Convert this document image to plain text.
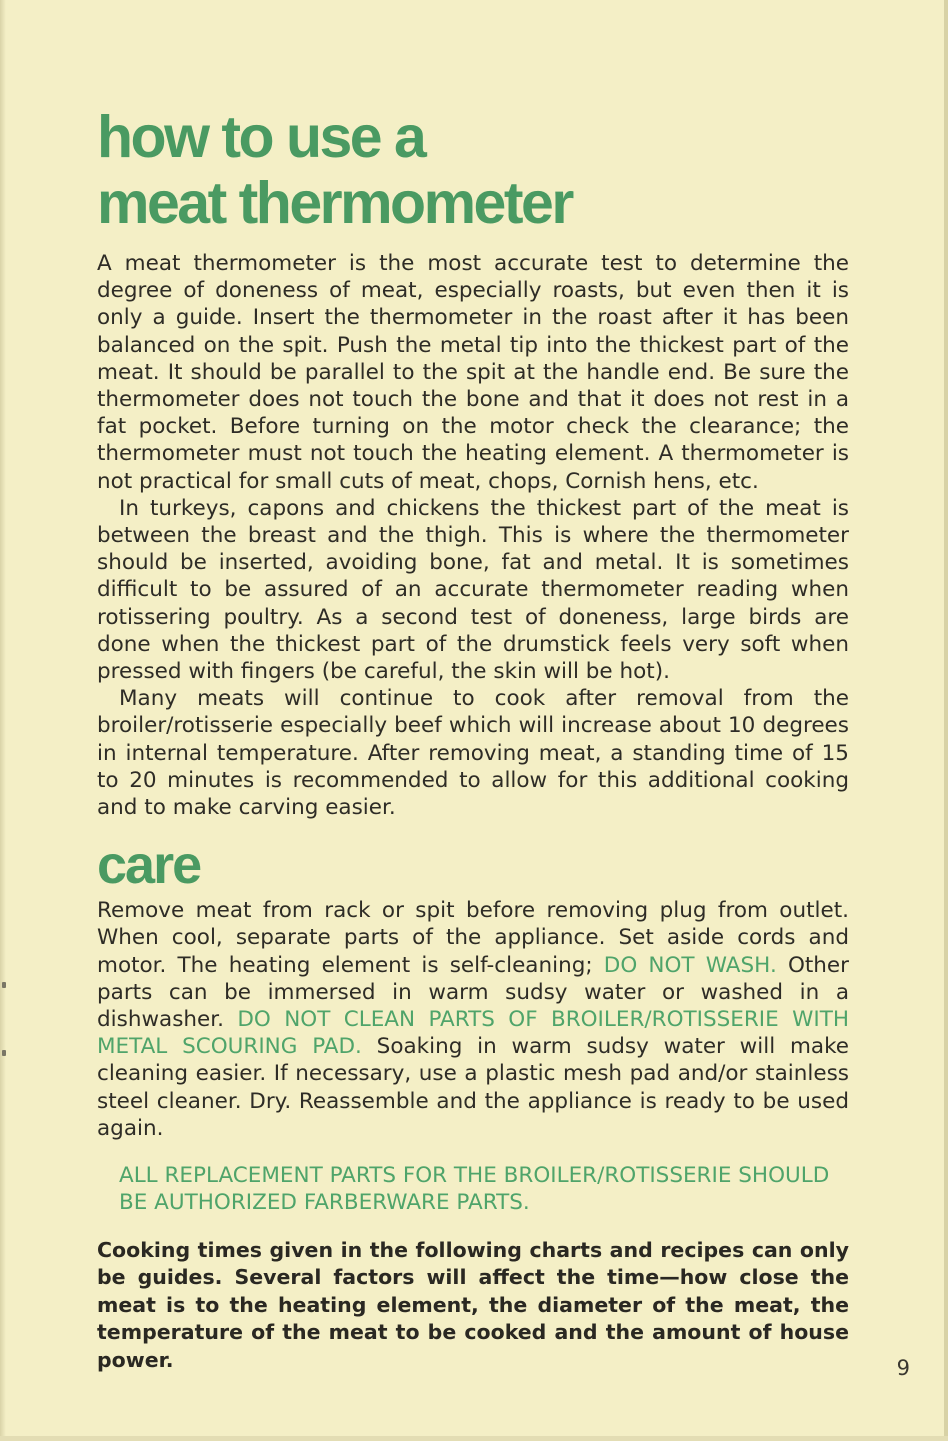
how to use a
meat thermometer

A meat thermometer is the most accurate test to determine the degree of doneness of meat, especially roasts, but even then it is only a guide. Insert the thermometer in the roast after it has been balanced on the spit. Push the metal tip into the thickest part of the meat. It should be parallel to the spit at the handle end. Be sure the thermometer does not touch the bone and that it does not rest in a fat pocket. Before turning on the motor check the clearance; the thermometer must not touch the heating element. A thermometer is not practical for small cuts of meat, chops, Cornish hens, etc.

In turkeys, capons and chickens the thickest part of the meat is between the breast and the thigh. This is where the thermometer should be inserted, avoiding bone, fat and metal. It is sometimes difficult to be assured of an accurate thermometer reading when rotissering poultry. As a second test of doneness, large birds are done when the thickest part of the drumstick feels very soft when pressed with fingers (be careful, the skin will be hot).

Many meats will continue to cook after removal from the broiler/rotisserie especially beef which will increase about 10 degrees in internal temperature. After removing meat, a standing time of 15 to 20 minutes is recommended to allow for this additional cooking and to make carving easier.

care

Remove meat from rack or spit before removing plug from outlet. When cool, separate parts of the appliance. Set aside cords and motor. The heating element is self-cleaning; DO NOT WASH. Other parts can be immersed in warm sudsy water or washed in a dishwasher. DO NOT CLEAN PARTS OF BROILER/ROTISSERIE WITH METAL SCOURING PAD. Soaking in warm sudsy water will make cleaning easier. If necessary, use a plastic mesh pad and/or stainless steel cleaner. Dry. Reassemble and the appliance is ready to be used again.

ALL REPLACEMENT PARTS FOR THE BROILER/ROTISSERIE SHOULD BE AUTHORIZED FARBERWARE PARTS.

Cooking times given in the following charts and recipes can only be guides. Several factors will affect the time—how close the meat is to the heating element, the diameter of the meat, the temperature of the meat to be cooked and the amount of house power.	9
